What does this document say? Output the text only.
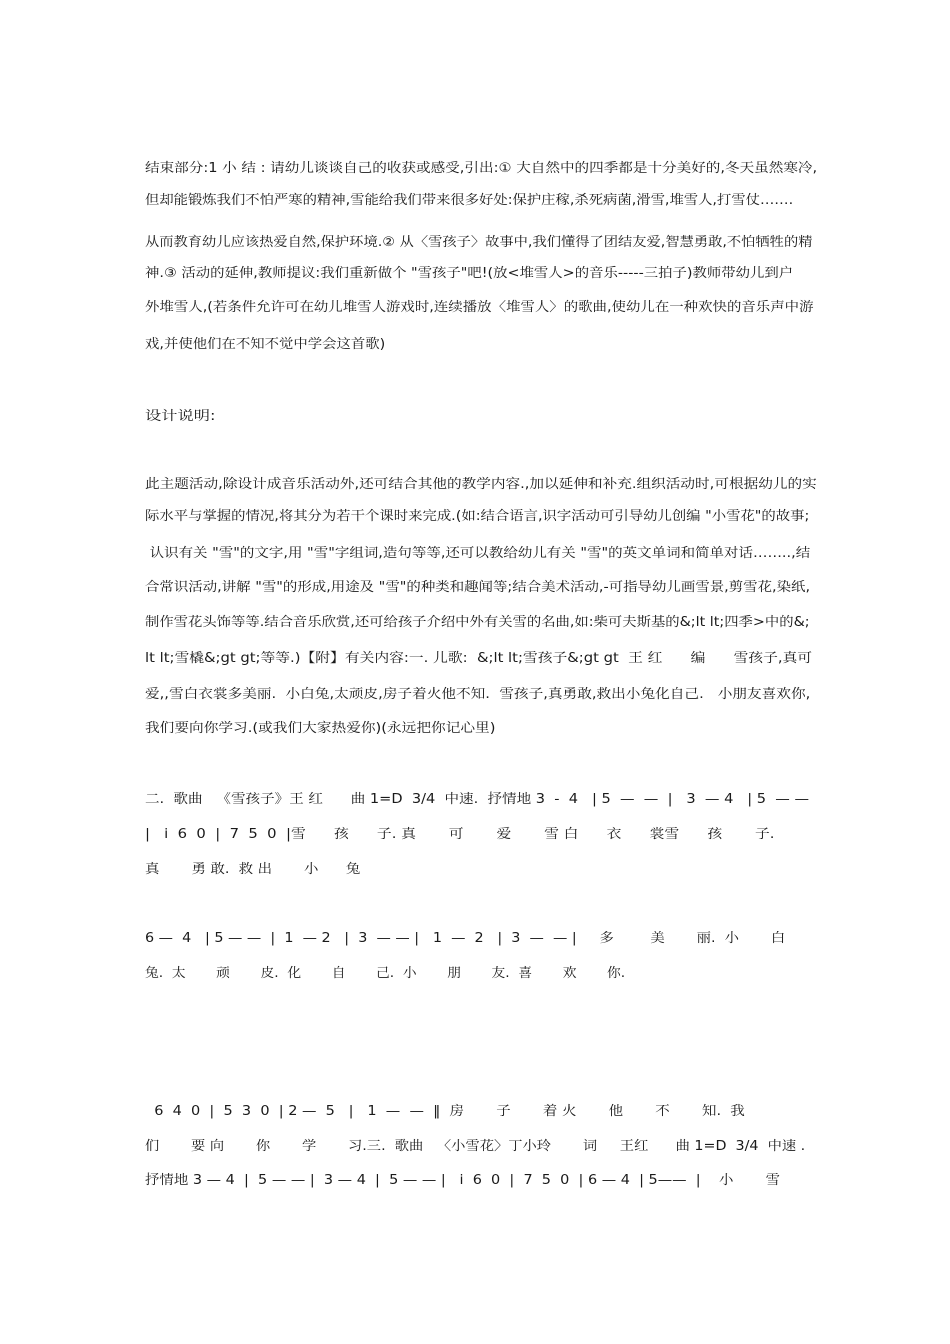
结束部分:1 小 结 : 请幼儿谈谈自己的收获或感受,引出:① 大自然中的四季都是十分美好的,冬天虽然寒冷,
但却能锻炼我们不怕严寒的精神,雪能给我们带来很多好处:保护庄稼,杀死病菌,滑雪,堆雪人,打雪仗…….
从而教育幼儿应该热爱自然,保护环境.② 从〈雪孩子〉故事中,我们懂得了团结友爱,智慧勇敢,不怕牺牲的精
神.③ 活动的延伸,教师提议:我们重新做个 "雪孩子"吧!(放<堆雪人>的音乐-----三拍子)教师带幼儿到户
外堆雪人,(若条件允许可在幼儿堆雪人游戏时,连续播放〈堆雪人〉的歌曲,使幼儿在一种欢快的音乐声中游
戏,并使他们在不知不觉中学会这首歌)
设计说明:
此主题活动,除设计成音乐活动外,还可结合其他的教学内容.,加以延伸和补充.组织活动时,可根据幼儿的实
际水平与掌握的情况,将其分为若干个课时来完成.(如:结合语言,识字活动可引导幼儿创编 "小雪花"的故事;
认识有关 "雪"的文字,用 "雪"字组词,造句等等,还可以教给幼儿有关 "雪"的英文单词和简单对话……..,结
合常识活动,讲解 "雪"的形成,用途及 "雪"的种类和趣闻等;结合美术活动,-可指导幼儿画雪景,剪雪花,染纸,
制作雪花头饰等等.结合音乐欣赏,还可给孩子介绍中外有关雪的名曲,如:柴可夫斯基的&;lt lt;四季>中的&;
lt lt;雪橇&;gt gt;等等.)【附】有关内容:一. 儿歌:  &;lt lt;雪孩子&;gt gt  王 红      编      雪孩子,真可
爱,,雪白衣裳多美丽.  小白兔,太顽皮,房子着火他不知.  雪孩子,真勇敢,救出小兔化自己.   小朋友喜欢你,
我们要向你学习.(或我们大家热爱你)(永远把你记心里)
二.  歌曲   《雪孩子》王 红      曲 1=D  3/4  中速.  抒情地 3  -  4   | 5  —  —  |   3  — 4   | 5  — —
|   i  6  0  |  7  5  0  |雪      孩      子. 真       可       爱       雪 白      衣      裳雪      孩       子.
真       勇 敢.  救 出       小      兔
6 —  4   | 5 — —  |  1  — 2   |  3  — — |   1  —  2   |  3  —  — |     多        美       丽.  小       白
兔.  太       顽       皮.  化       自       己.  小       朋       友.  喜       欢       你.
6  4  0  |  5  3  0  | 2 —  5   |   1  —  —  ‖  房       子       着 火       他       不       知.  我
们       要 向       你       学       习.三.  歌曲   〈小雪花〉丁小玲       词     王红      曲 1=D  3/4  中速 .
抒情地 3 — 4  |  5 — — |  3 — 4  |  5 — — |   i  6  0  |  7  5  0  | 6 — 4  | 5——  |    小       雪
